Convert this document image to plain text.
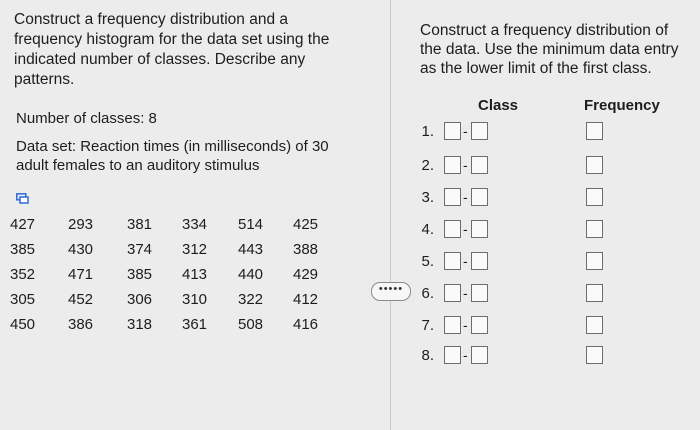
Construct a frequency distribution and a frequency histogram for the data set using the indicated number of classes. Describe any patterns.
Number of classes: 8
Data set: Reaction times (in milliseconds) of 30 adult females to an auditory stimulus
427	293	381	334	514	425
385	430	374	312	443	388
352	471	385	413	440	429
305	452	306	310	322	412
450	386	318	361	508	416
•••••
Construct a frequency distribution of the data. Use the minimum data entry as the lower limit of the first class.
Class	Frequency
1. -
2. -
3. -
4. -
5. -
6. -
7. -
8. -
